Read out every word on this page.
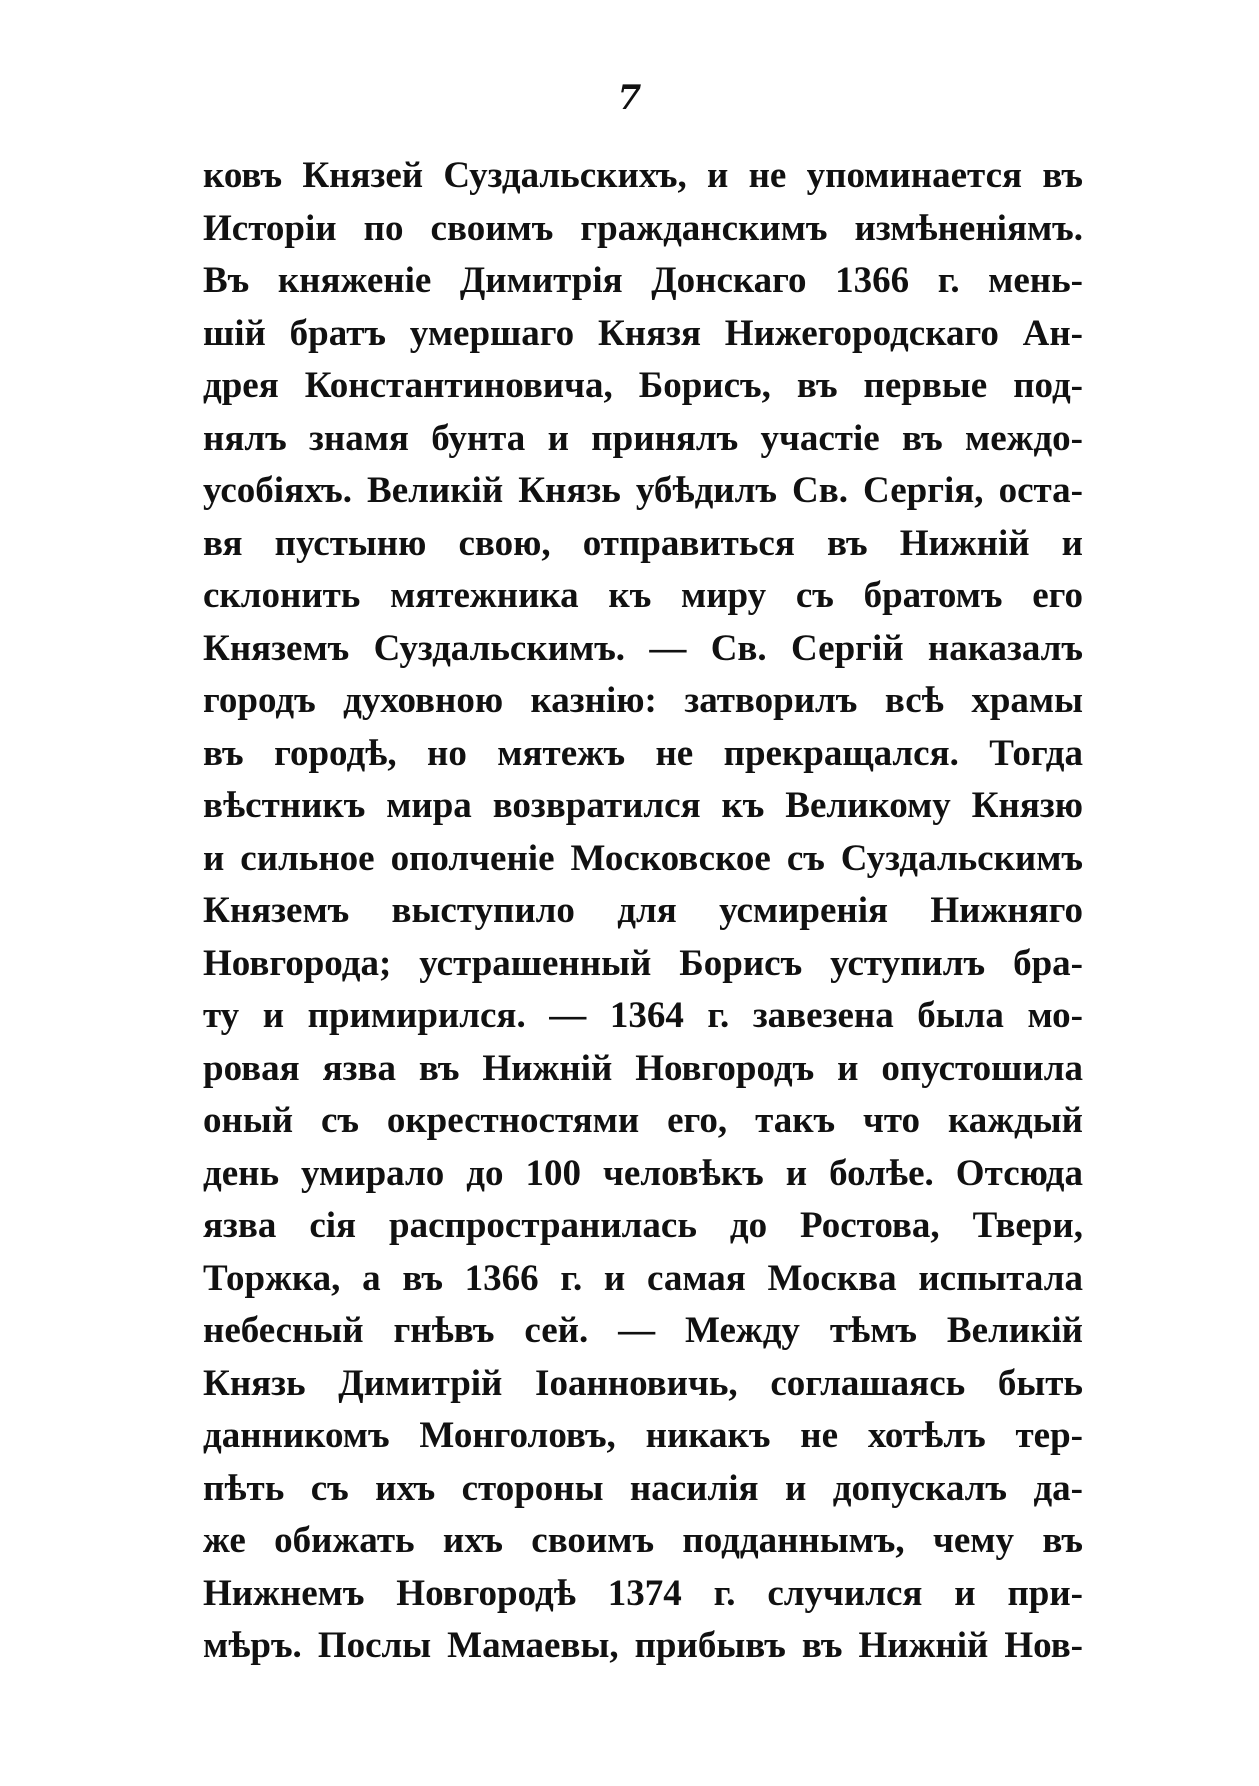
7
ковъ Князей Суздальскихъ, и не упоминается въ
Исторіи по своимъ гражданскимъ измѣненіямъ.
Въ княженіе Димитрія Донскаго 1366 г. мень-
шій братъ умершаго Князя Нижегородскаго Ан-
дрея Константиновича, Борисъ, въ первые под-
нялъ знамя бунта и принялъ участіе въ междо-
усобіяхъ. Великій Князь убѣдилъ Св. Сергія, оста-
вя пустыню свою, отправиться въ Нижній и
склонить мятежника къ миру съ братомъ его
Княземъ Суздальскимъ. — Св. Сергій наказалъ
городъ духовною казнію: затворилъ всѣ храмы
въ городѣ, но мятежъ не прекращался. Тогда
вѣстникъ мира возвратился къ Великому Князю
и сильное ополченіе Московское съ Суздальскимъ
Княземъ выступило для усмиренія Нижняго
Новгорода; устрашенный Борисъ уступилъ бра-
ту и примирился. — 1364 г. завезена была мо-
ровая язва въ Нижній Новгородъ и опустошила
оный съ окрестностями его, такъ что каждый
день умирало до 100 человѣкъ и болѣе. Отсюда
язва сія распространилась до Ростова, Твери,
Торжка, а въ 1366 г. и самая Москва испытала
небесный гнѣвъ сей. — Между тѣмъ Великій
Князь Димитрій Іоанновичь, соглашаясь быть
данникомъ Монголовъ, никакъ не хотѣлъ тер-
пѣть съ ихъ стороны насилія и допускалъ да-
же обижать ихъ своимъ подданнымъ, чему въ
Нижнемъ Новгородѣ 1374 г. случился и при-
мѣръ. Послы Мамаевы, прибывъ въ Нижній Нов-
